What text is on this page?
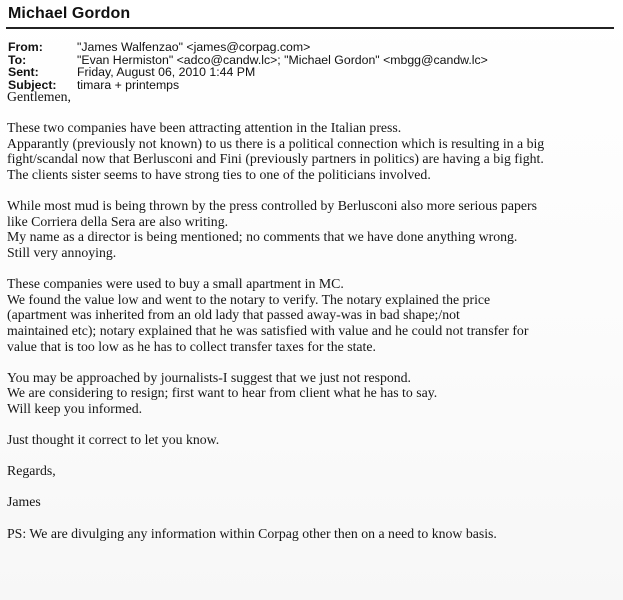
Michael Gordon
From:	"James Walfenzao" <james@corpag.com>
To:	"Evan Hermiston" <adco@candw.lc>; "Michael Gordon" <mbgg@candw.lc>
Sent:	Friday, August 06, 2010 1:44 PM
Subject:	timara + printemps

Gentlemen,

These two companies have been attracting attention in the Italian press.

Apparantly (previously not known) to us there is a political connection which is resulting in a big

fight/scandal now that Berlusconi and Fini (previously partners in politics) are having a big fight.

The clients sister seems to have strong ties to one of the politicians involved.

While most mud is being thrown by the press controlled by Berlusconi also more serious papers

like Corriera della Sera are also writing.

My name as a director is being mentioned; no comments that we have done anything wrong.

Still very annoying.

These companies were used to buy a small apartment in MC.

We found the value low and went to the notary to verify. The notary explained the price

(apartment was inherited from an old lady that passed away-was in bad shape;/not

maintained etc); notary explained that he was satisfied with value and he could not transfer for

value that is too low as he has to collect transfer taxes for the state.

You may be approached by journalists-I suggest that we just not respond.

We are considering to resign; first want to hear from client what he has to say.

Will keep you informed.

Just thought it correct to let you know.

Regards,

James

PS: We are divulging any information within Corpag other then on a need to know basis.
